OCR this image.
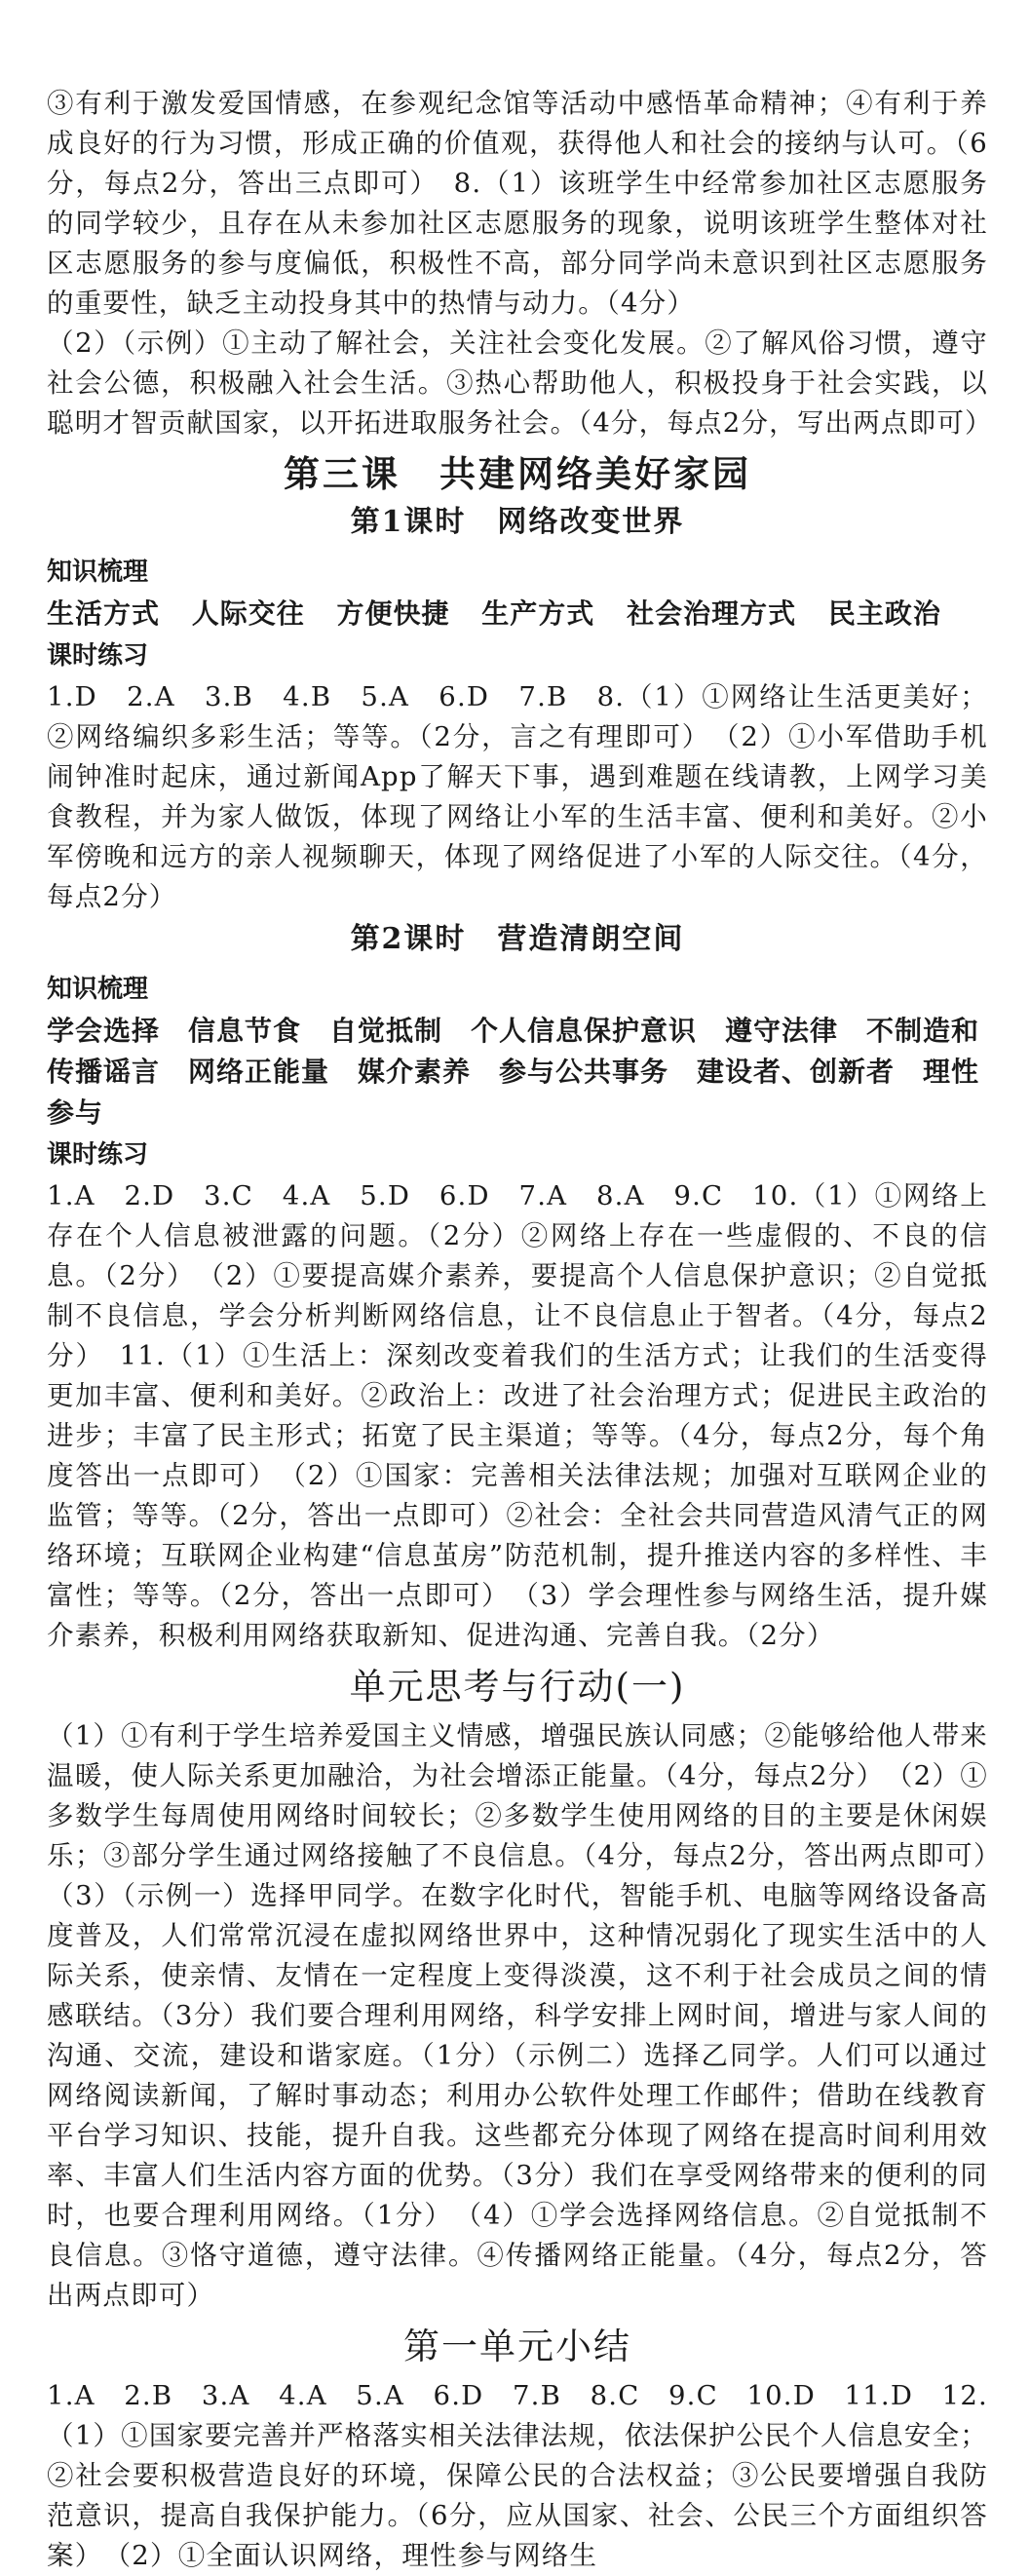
③有利于激发爱国情感，在参观纪念馆等活动中感悟革命精神；④有利于养成良好的行为习惯，形成正确的价值观，获得他人和社会的接纳与认可。（6分，每点2分，答出三点即可）　8.（1）该班学生中经常参加社区志愿服务的同学较少，且存在从未参加社区志愿服务的现象，说明该班学生整体对社区志愿服务的参与度偏低，积极性不高，部分同学尚未意识到社区志愿服务的重要性，缺乏主动投身其中的热情与动力。（4分）

（2）（示例）①主动了解社会，关注社会变化发展。②了解风俗习惯，遵守社会公德，积极融入社会生活。③热心帮助他人，积极投身于社会实践，以聪明才智贡献国家，以开拓进取服务社会。（4分，每点2分，写出两点即可）

第三课　共建网络美好家园
第1课时　网络改变世界
知识梳理
生活方式 人际交往 方便快捷 生产方式 社会治理方式 民主政治
课时练习

1.D　2.A　3.B　4.B　5.A　6.D　7.B　8.（1）①网络让生活更美好；②网络编织多彩生活；等等。（2分，言之有理即可）　（2）①小军借助手机闹钟准时起床，通过新闻App了解天下事，遇到难题在线请教，上网学习美食教程，并为家人做饭，体现了网络让小军的生活丰富、便利和美好。②小军傍晚和远方的亲人视频聊天，体现了网络促进了小军的人际交往。（4分，每点2分）

第2课时　营造清朗空间
知识梳理

学会选择　信息节食　自觉抵制　个人信息保护意识　遵守法律　不制造和传播谣言　网络正能量　媒介素养　参与公共事务　建设者、创新者　理性参与

课时练习

1.A　2.D　3.C　4.A　5.D　6.D　7.A　8.A　9.C　10.（1）①网络上存在个人信息被泄露的问题。（2分）②网络上存在一些虚假的、不良的信息。（2分）　（2）①要提高媒介素养，要提高个人信息保护意识；②自觉抵制不良信息，学会分析判断网络信息，让不良信息止于智者。（4分，每点2分）　11.（1）①生活上：深刻改变着我们的生活方式；让我们的生活变得更加丰富、便利和美好。②政治上：改进了社会治理方式；促进民主政治的进步；丰富了民主形式；拓宽了民主渠道；等等。（4分，每点2分，每个角度答出一点即可）　（2）①国家：完善相关法律法规；加强对互联网企业的监管；等等。（2分，答出一点即可）②社会：全社会共同营造风清气正的网络环境；互联网企业构建“信息茧房”防范机制，提升推送内容的多样性、丰富性；等等。（2分，答出一点即可）　（3）学会理性参与网络生活，提升媒介素养，积极利用网络获取新知、促进沟通、完善自我。（2分）

单元思考与行动(一)

（1）①有利于学生培养爱国主义情感，增强民族认同感；②能够给他人带来温暖，使人际关系更加融洽，为社会增添正能量。（4分，每点2分）　（2）①多数学生每周使用网络时间较长；②多数学生使用网络的目的主要是休闲娱乐；③部分学生通过网络接触了不良信息。（4分，每点2分，答出两点即可）　（3）（示例一）选择甲同学。在数字化时代，智能手机、电脑等网络设备高度普及，人们常常沉浸在虚拟网络世界中，这种情况弱化了现实生活中的人际关系，使亲情、友情在一定程度上变得淡漠，这不利于社会成员之间的情感联结。（3分）我们要合理利用网络，科学安排上网时间，增进与家人间的沟通、交流，建设和谐家庭。（1分）（示例二）选择乙同学。人们可以通过网络阅读新闻，了解时事动态；利用办公软件处理工作邮件；借助在线教育平台学习知识、技能，提升自我。这些都充分体现了网络在提高时间利用效率、丰富人们生活内容方面的优势。（3分）我们在享受网络带来的便利的同时，也要合理利用网络。（1分）　（4）①学会选择网络信息。②自觉抵制不良信息。③恪守道德，遵守法律。④传播网络正能量。（4分，每点2分，答出两点即可）

第一单元小结

1.A　2.B　3.A　4.A　5.A　6.D　7.B　8.C　9.C　10.D　11.D　12.（1）①国家要完善并严格落实相关法律法规，依法保护公民个人信息安全；②社会要积极营造良好的环境，保障公民的合法权益；③公民要增强自我防范意识，提高自我保护能力。（6分，应从国家、社会、公民三个方面组织答案）　（2）①全面认识网络，理性参与网络生
